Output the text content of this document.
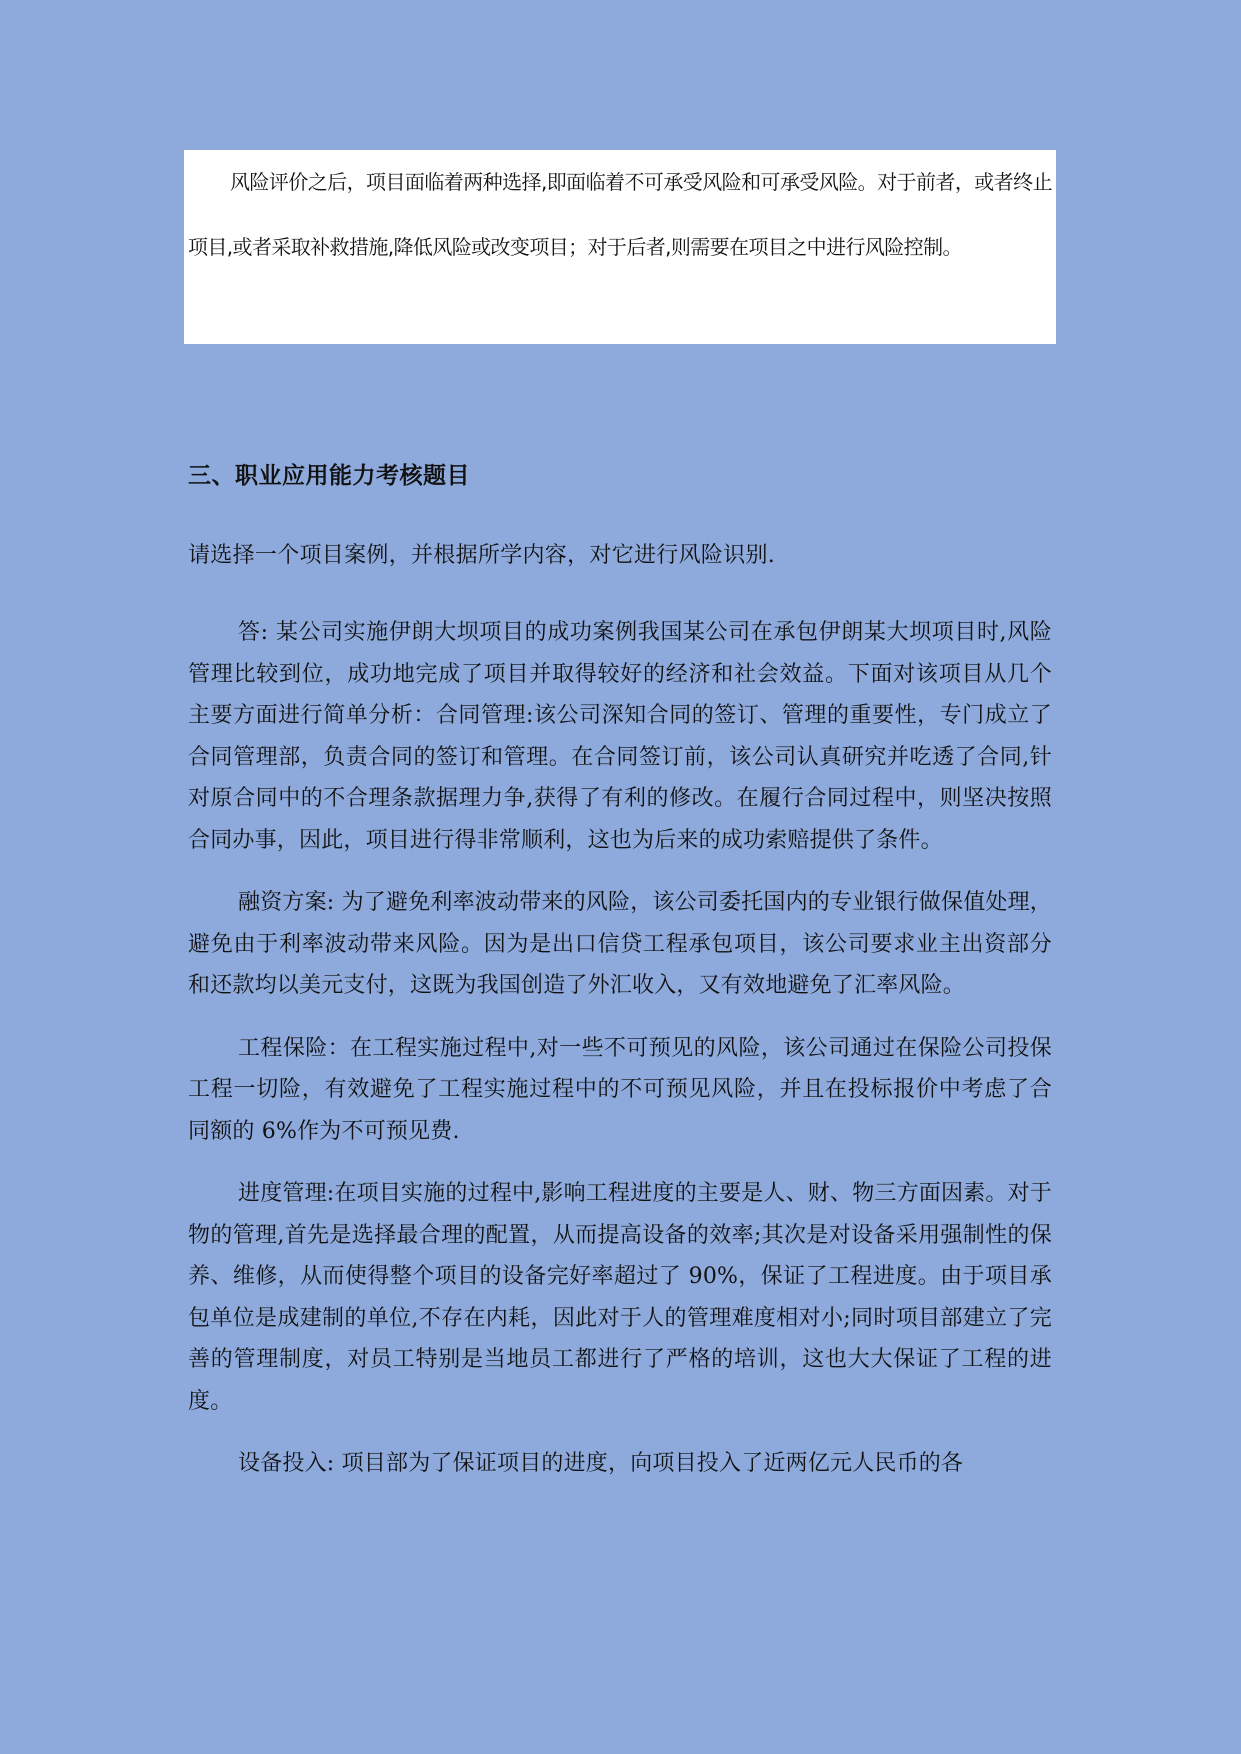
风险评价之后，项目面临着两种选择,即面临着不可承受风险和可承受风险。对于前者，或者终止项目,或者采取补救措施,降低风险或改变项目；对于后者,则需要在项目之中进行风险控制。

三、职业应用能力考核题目

请选择一个项目案例，并根据所学内容，对它进行风险识别.

答: 某公司实施伊朗大坝项目的成功案例我国某公司在承包伊朗某大坝项目时,风险管理比较到位，成功地完成了项目并取得较好的经济和社会效益。下面对该项目从几个主要方面进行简单分析：合同管理:该公司深知合同的签订、管理的重要性，专门成立了合同管理部，负责合同的签订和管理。在合同签订前，该公司认真研究并吃透了合同,针对原合同中的不合理条款据理力争,获得了有利的修改。在履行合同过程中，则坚决按照合同办事，因此，项目进行得非常顺利，这也为后来的成功索赔提供了条件。

融资方案: 为了避免利率波动带来的风险，该公司委托国内的专业银行做保值处理，避免由于利率波动带来风险。因为是出口信贷工程承包项目，该公司要求业主出资部分和还款均以美元支付，这既为我国创造了外汇收入，又有效地避免了汇率风险。

工程保险：在工程实施过程中,对一些不可预见的风险，该公司通过在保险公司投保工程一切险，有效避免了工程实施过程中的不可预见风险，并且在投标报价中考虑了合同额的 6%作为不可预见费.

进度管理:在项目实施的过程中,影响工程进度的主要是人、财、物三方面因素。对于物的管理,首先是选择最合理的配置，从而提高设备的效率;其次是对设备采用强制性的保养、维修，从而使得整个项目的设备完好率超过了 90%，保证了工程进度。由于项目承包单位是成建制的单位,不存在内耗，因此对于人的管理难度相对小;同时项目部建立了完善的管理制度，对员工特别是当地员工都进行了严格的培训，这也大大保证了工程的进度。

设备投入: 项目部为了保证项目的进度，向项目投入了近两亿元人民币的各
